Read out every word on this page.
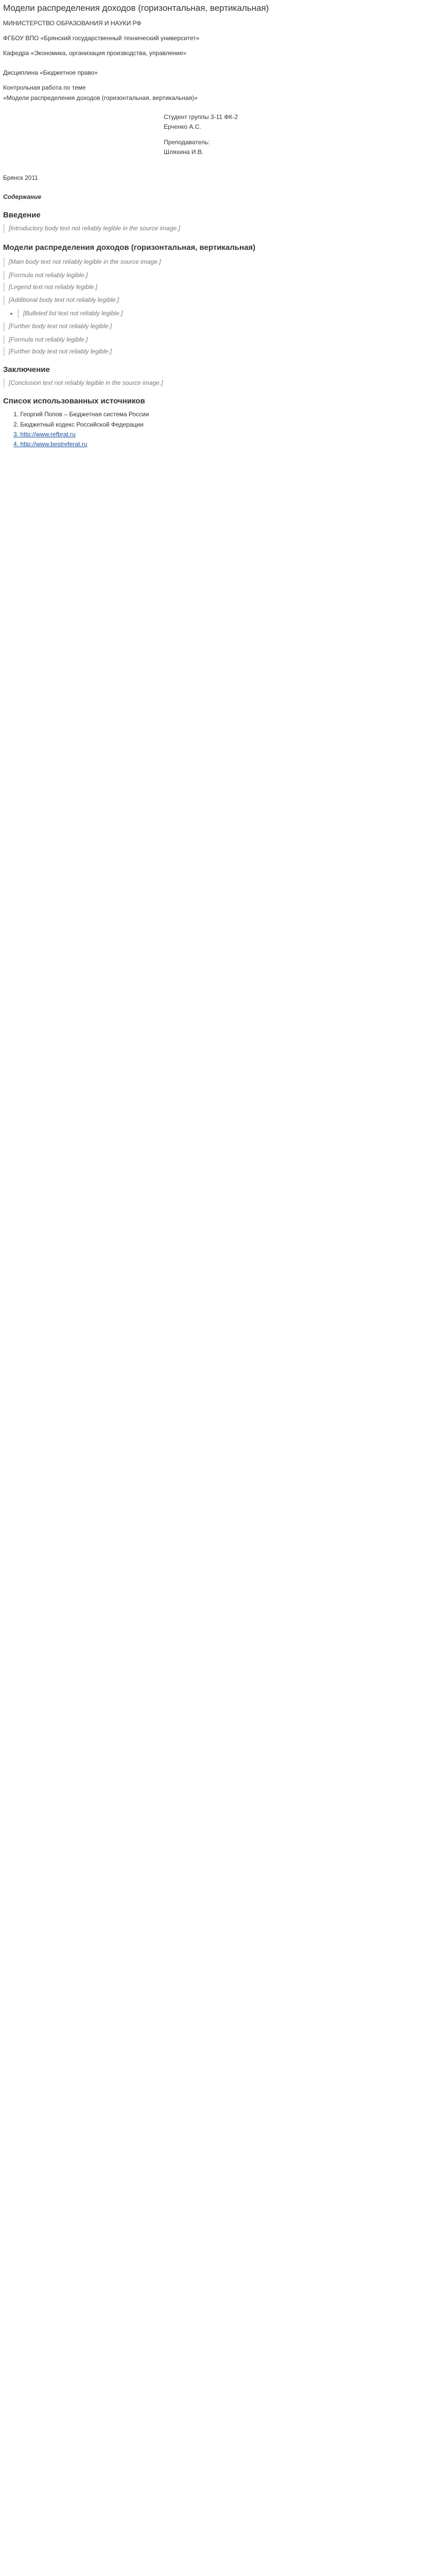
Модели распределения доходов (горизонтальная, вертикальная)
МИНИСТЕРСТВО ОБРАЗОВАНИЯ И НАУКИ РФ
ФГБОУ ВПО «Брянский государственный технический университет»
Кафедра «Экономика, организация производства, управление»
Дисциплина «Бюджетное право»
Контрольная работа по теме
«Модели распределения доходов (горизонтальная, вертикальная)»
Студент группы 3-11 ФК-2
Ерченко А.С.
Преподаватель:
Шляхина И.В.
Брянск 2011
Содержание
Введение

[Introductory body text not reliably legible in the source image.]

Модели распределения доходов (горизонтальная, вертикальная)

[Main body text not reliably legible in the source image.]

[Formula not reliably legible.]

[Legend text not reliably legible.]

[Additional body text not reliably legible.]

• [Bulleted list text not reliably legible.]

[Further body text not reliably legible.]

[Formula not reliably legible.]

[Further body text not reliably legible.]

Заключение

[Conclusion text not reliably legible in the source image.]

Список использованных источников
1. Георгий Попов – Бюджетная система России
2. Бюджетный кодекс Российской Федерации
3. http://www.refbrat.ru
4. http://www.bestreferat.ru
